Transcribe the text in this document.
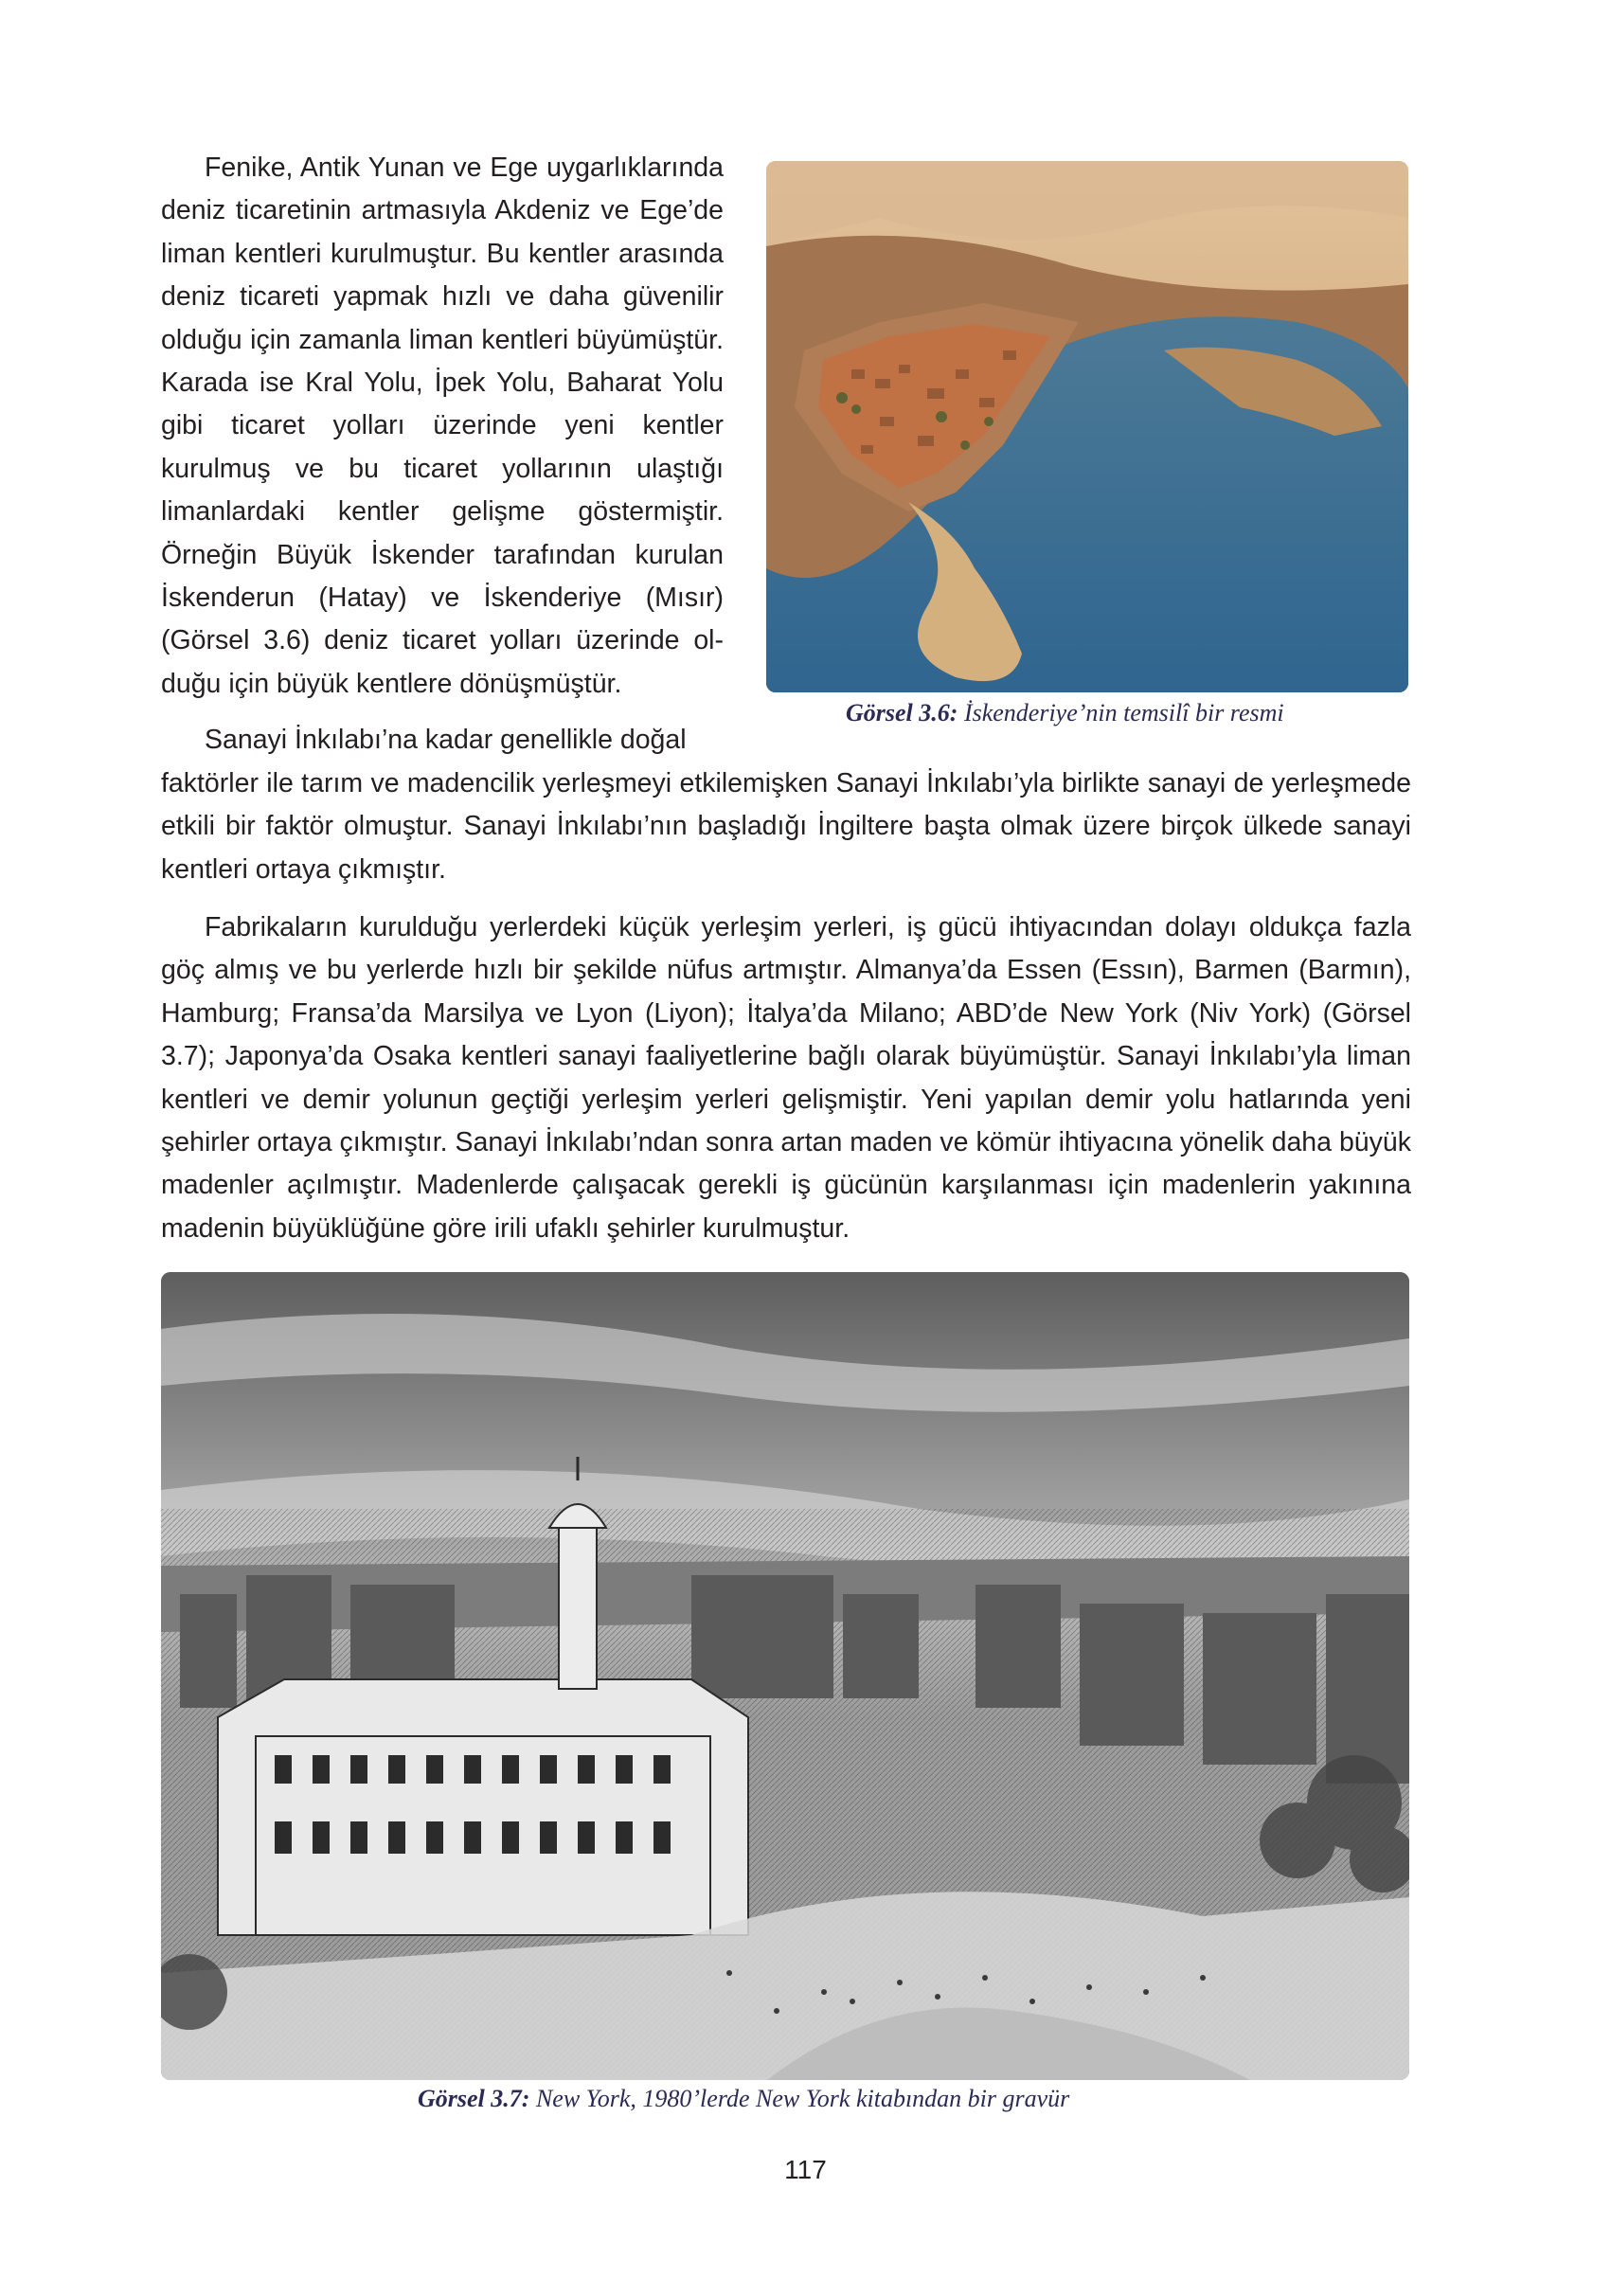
Fenike, Antik Yunan ve Ege uygarlıklarında deniz ticaretinin artmasıyla Akdeniz ve Ege’de liman kentleri kurulmuştur. Bu kentler arasında deniz ticareti yapmak hızlı ve daha güvenilir olduğu için zamanla liman kentleri büyümüştür. Karada ise Kral Yolu, İpek Yolu, Baharat Yolu gibi ticaret yolları üzerinde yeni kentler kurulmuş ve bu ticaret yollarının ulaştığı limanlardaki kentler gelişme göstermiştir. Örneğin Büyük İskender tarafından kurulan İskenderun (Hatay) ve İskenderiye (Mısır) (Görsel 3.6) deniz ticaret yolları üzerinde olduğu için büyük kentlere dönüşmüştür.

Görsel 3.6: İskenderiye’nin temsilî bir resmi

Sanayi İnkılabı’na kadar genellikle doğal

faktörler ile tarım ve madencilik yerleşmeyi etkilemişken Sanayi İnkılabı’yla birlikte sanayi de yerleşmede etkili bir faktör olmuştur. Sanayi İnkılabı’nın başladığı İngiltere başta olmak üzere birçok ülkede sanayi kentleri ortaya çıkmıştır.

Fabrikaların kurulduğu yerlerdeki küçük yerleşim yerleri, iş gücü ihtiyacından dolayı oldukça fazla göç almış ve bu yerlerde hızlı bir şekilde nüfus artmıştır. Almanya’da Essen (Essın), Barmen (Barmın), Hamburg; Fransa’da Marsilya ve Lyon (Liyon); İtalya’da Milano; ABD’de New York (Niv York) (Görsel 3.7); Japonya’da Osaka kentleri sanayi faaliyetlerine bağlı olarak büyümüştür. Sanayi İnkılabı’yla liman kentleri ve demir yolunun geçtiği yerleşim yerleri gelişmiştir. Yeni yapılan demir yolu hatlarında yeni şehirler ortaya çıkmıştır. Sanayi İnkılabı’ndan sonra artan maden ve kömür ihtiyacına yönelik daha büyük madenler açılmıştır. Madenlerde çalışacak gerekli iş gücünün karşılanması için madenlerin yakınına madenin büyüklüğüne göre irili ufaklı şehirler kurulmuştur.

Görsel 3.7: New York, 1980’lerde New York kitabından bir gravür

117
